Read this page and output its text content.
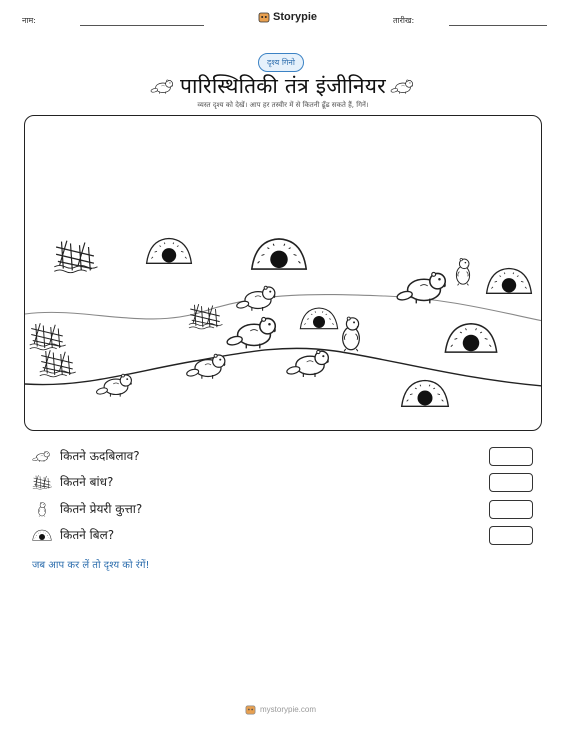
नाम:	Storypie	तारीख:
दृश्य गिनो
पारिस्थितिकी तंत्र इंजीनियर
व्यस्त दृश्य को देखें। आप हर तस्वीर में से कितनी ढूँढ सकते हैं, गिनें।
कितने ऊदबिलाव?
कितने बांध?
कितने प्रेयरी कुत्ता?
कितने बिल?
जब आप कर लें तो दृश्य को रंगें!
mystorypie.com
